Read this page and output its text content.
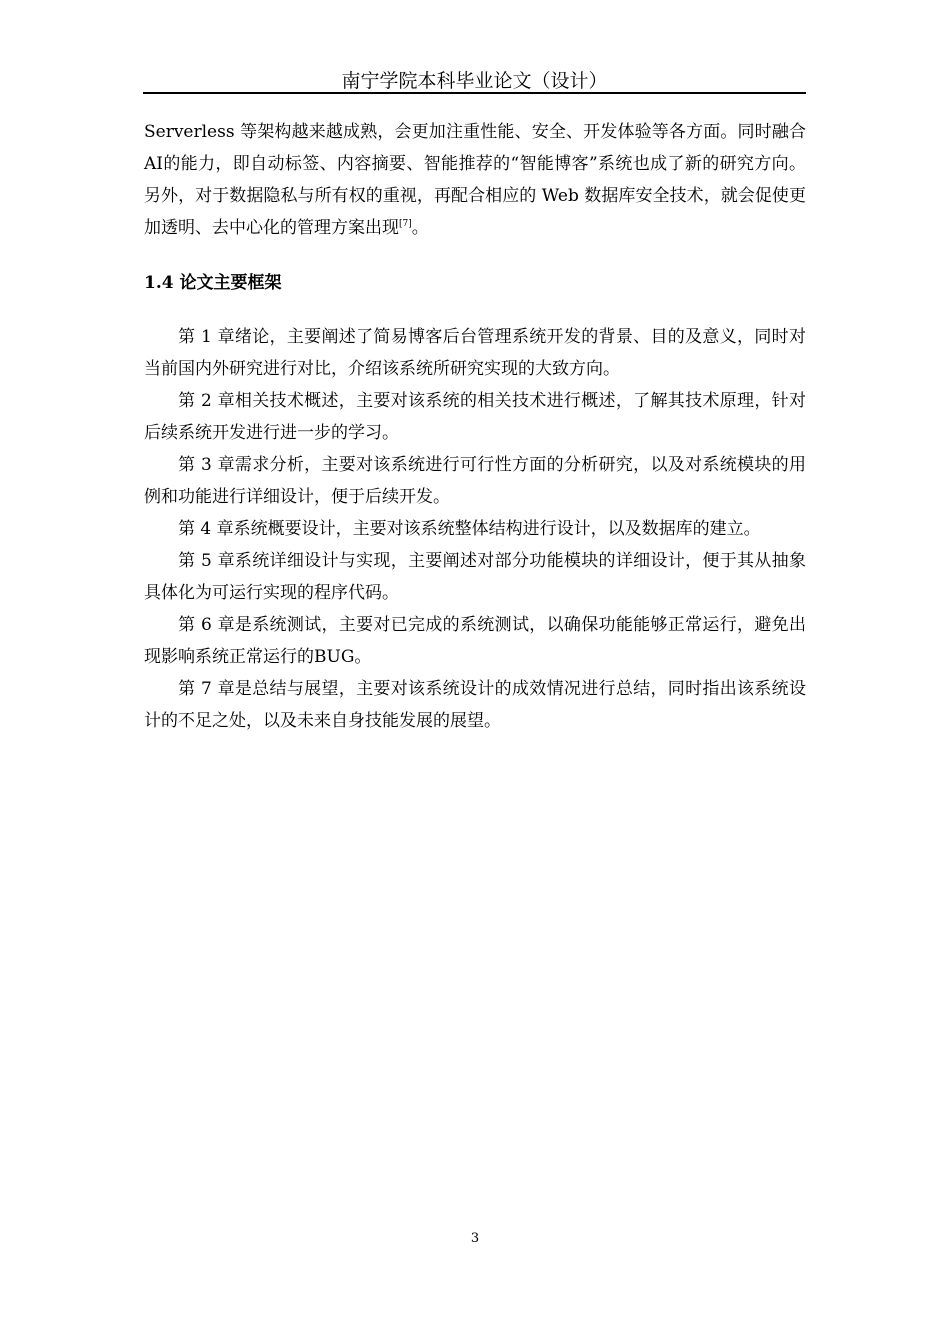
南宁学院本科毕业论文（设计）

Serverless 等架构越来越成熟，会更加注重性能、安全、开发体验等各方面。同时融合AI的能力，即自动标签、内容摘要、智能推荐的“智能博客”系统也成了新的研究方向。另外，对于数据隐私与所有权的重视，再配合相应的 Web 数据库安全技术，就会促使更加透明、去中心化的管理方案出现[7]。

1.4 论文主要框架

第 1 章绪论，主要阐述了简易博客后台管理系统开发的背景、目的及意义，同时对当前国内外研究进行对比，介绍该系统所研究实现的大致方向。

第 2 章相关技术概述，主要对该系统的相关技术进行概述，了解其技术原理，针对后续系统开发进行进一步的学习。

第 3 章需求分析，主要对该系统进行可行性方面的分析研究，以及对系统模块的用例和功能进行详细设计，便于后续开发。

第 4 章系统概要设计，主要对该系统整体结构进行设计，以及数据库的建立。

第 5 章系统详细设计与实现，主要阐述对部分功能模块的详细设计，便于其从抽象具体化为可运行实现的程序代码。

第 6 章是系统测试，主要对已完成的系统测试，以确保功能能够正常运行，避免出现影响系统正常运行的BUG。

第 7 章是总结与展望，主要对该系统设计的成效情况进行总结，同时指出该系统设计的不足之处，以及未来自身技能发展的展望。

3
